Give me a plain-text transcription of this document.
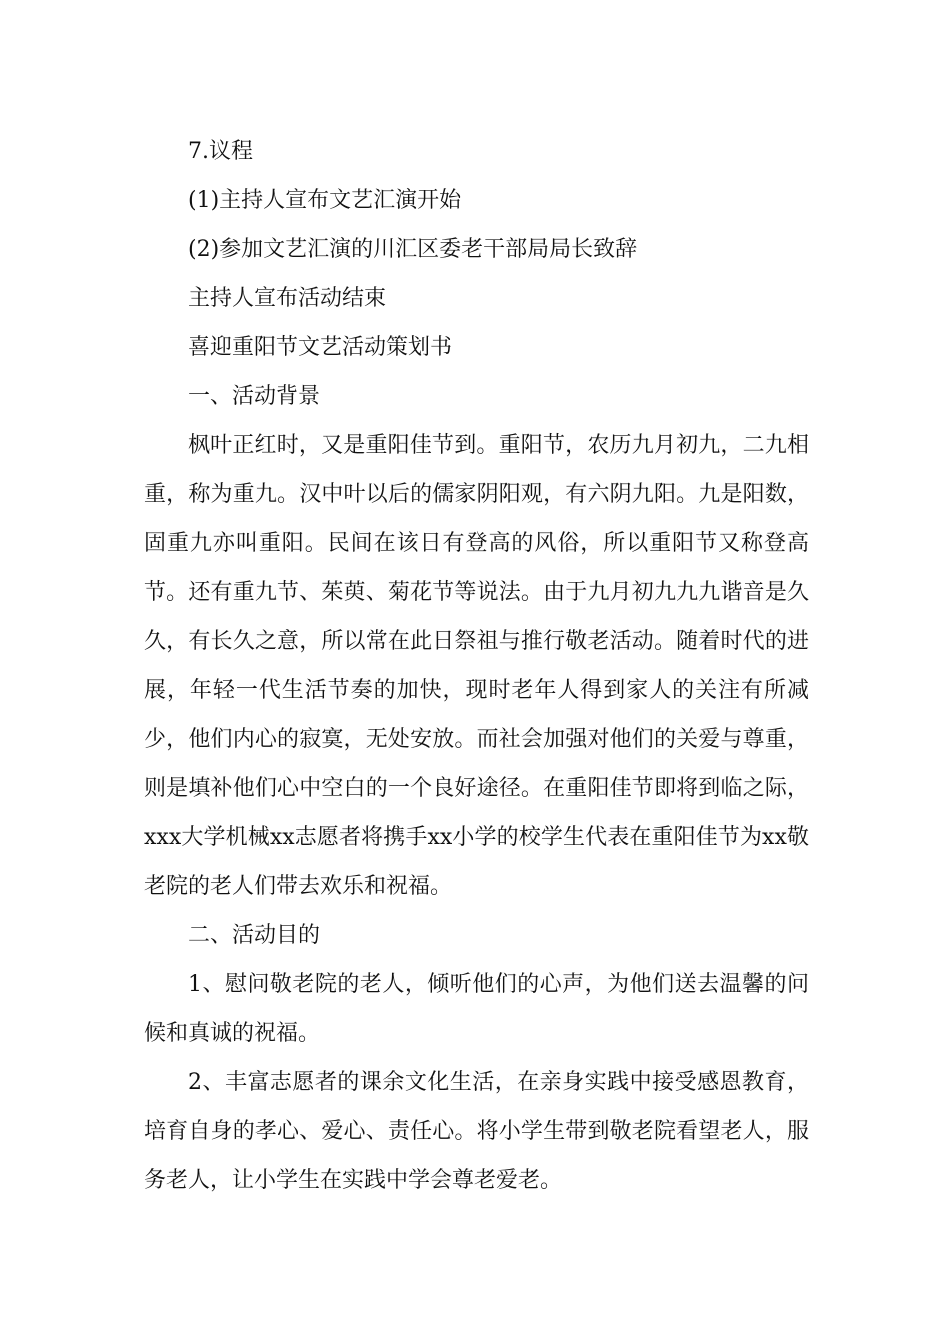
7.议程

(1)主持人宣布文艺汇演开始

(2)参加文艺汇演的川汇区委老干部局局长致辞

主持人宣布活动结束

喜迎重阳节文艺活动策划书

一、活动背景

枫叶正红时，又是重阳佳节到。重阳节，农历九月初九，二九相重，称为重九。汉中叶以后的儒家阴阳观，有六阴九阳。九是阳数，固重九亦叫重阳。民间在该日有登高的风俗，所以重阳节又称登高节。还有重九节、茱萸、菊花节等说法。由于九月初九九九谐音是久久，有长久之意，所以常在此日祭祖与推行敬老活动。随着时代的进展，年轻一代生活节奏的加快，现时老年人得到家人的关注有所减少，他们内心的寂寞，无处安放。而社会加强对他们的关爱与尊重，则是填补他们心中空白的一个良好途径。在重阳佳节即将到临之际，xxx大学机械xx志愿者将携手xx小学的校学生代表在重阳佳节为xx敬老院的老人们带去欢乐和祝福。

二、活动目的

1、慰问敬老院的老人，倾听他们的心声，为他们送去温馨的问候和真诚的祝福。

2、丰富志愿者的课余文化生活，在亲身实践中接受感恩教育，培育自身的孝心、爱心、责任心。将小学生带到敬老院看望老人，服务老人，让小学生在实践中学会尊老爱老。
